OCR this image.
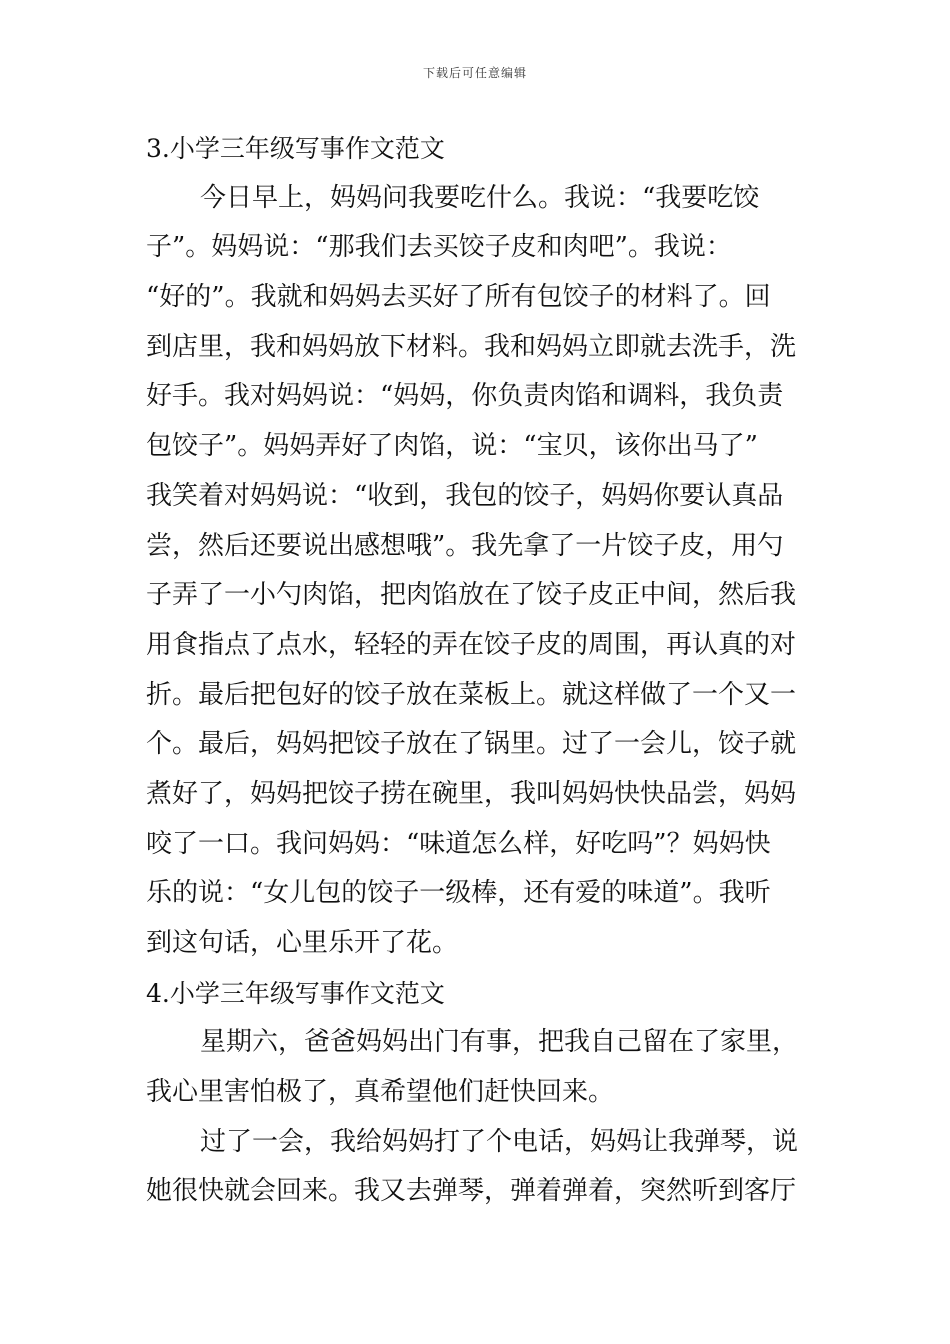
下载后可任意编辑
3.小学三年级写事作文范文
今日早上，妈妈问我要吃什么。我说：“我要吃饺
子”。妈妈说：“那我们去买饺子皮和肉吧”。我说：
“好的”。我就和妈妈去买好了所有包饺子的材料了。回
到店里，我和妈妈放下材料。我和妈妈立即就去洗手，洗
好手。我对妈妈说：“妈妈，你负责肉馅和调料，我负责
包饺子”。妈妈弄好了肉馅，说：“宝贝，该你出马了”
我笑着对妈妈说：“收到，我包的饺子，妈妈你要认真品
尝，然后还要说出感想哦”。我先拿了一片饺子皮，用勺
子弄了一小勺肉馅，把肉馅放在了饺子皮正中间，然后我
用食指点了点水，轻轻的弄在饺子皮的周围，再认真的对
折。最后把包好的饺子放在菜板上。就这样做了一个又一
个。最后，妈妈把饺子放在了锅里。过了一会儿，饺子就
煮好了，妈妈把饺子捞在碗里，我叫妈妈快快品尝，妈妈
咬了一口。我问妈妈：“味道怎么样，好吃吗”？妈妈快
乐的说：“女儿包的饺子一级棒，还有爱的味道”。我听
到这句话，心里乐开了花。
4.小学三年级写事作文范文
星期六，爸爸妈妈出门有事，把我自己留在了家里，
我心里害怕极了，真希望他们赶快回来。
过了一会，我给妈妈打了个电话，妈妈让我弹琴，说
她很快就会回来。我又去弹琴，弹着弹着，突然听到客厅
